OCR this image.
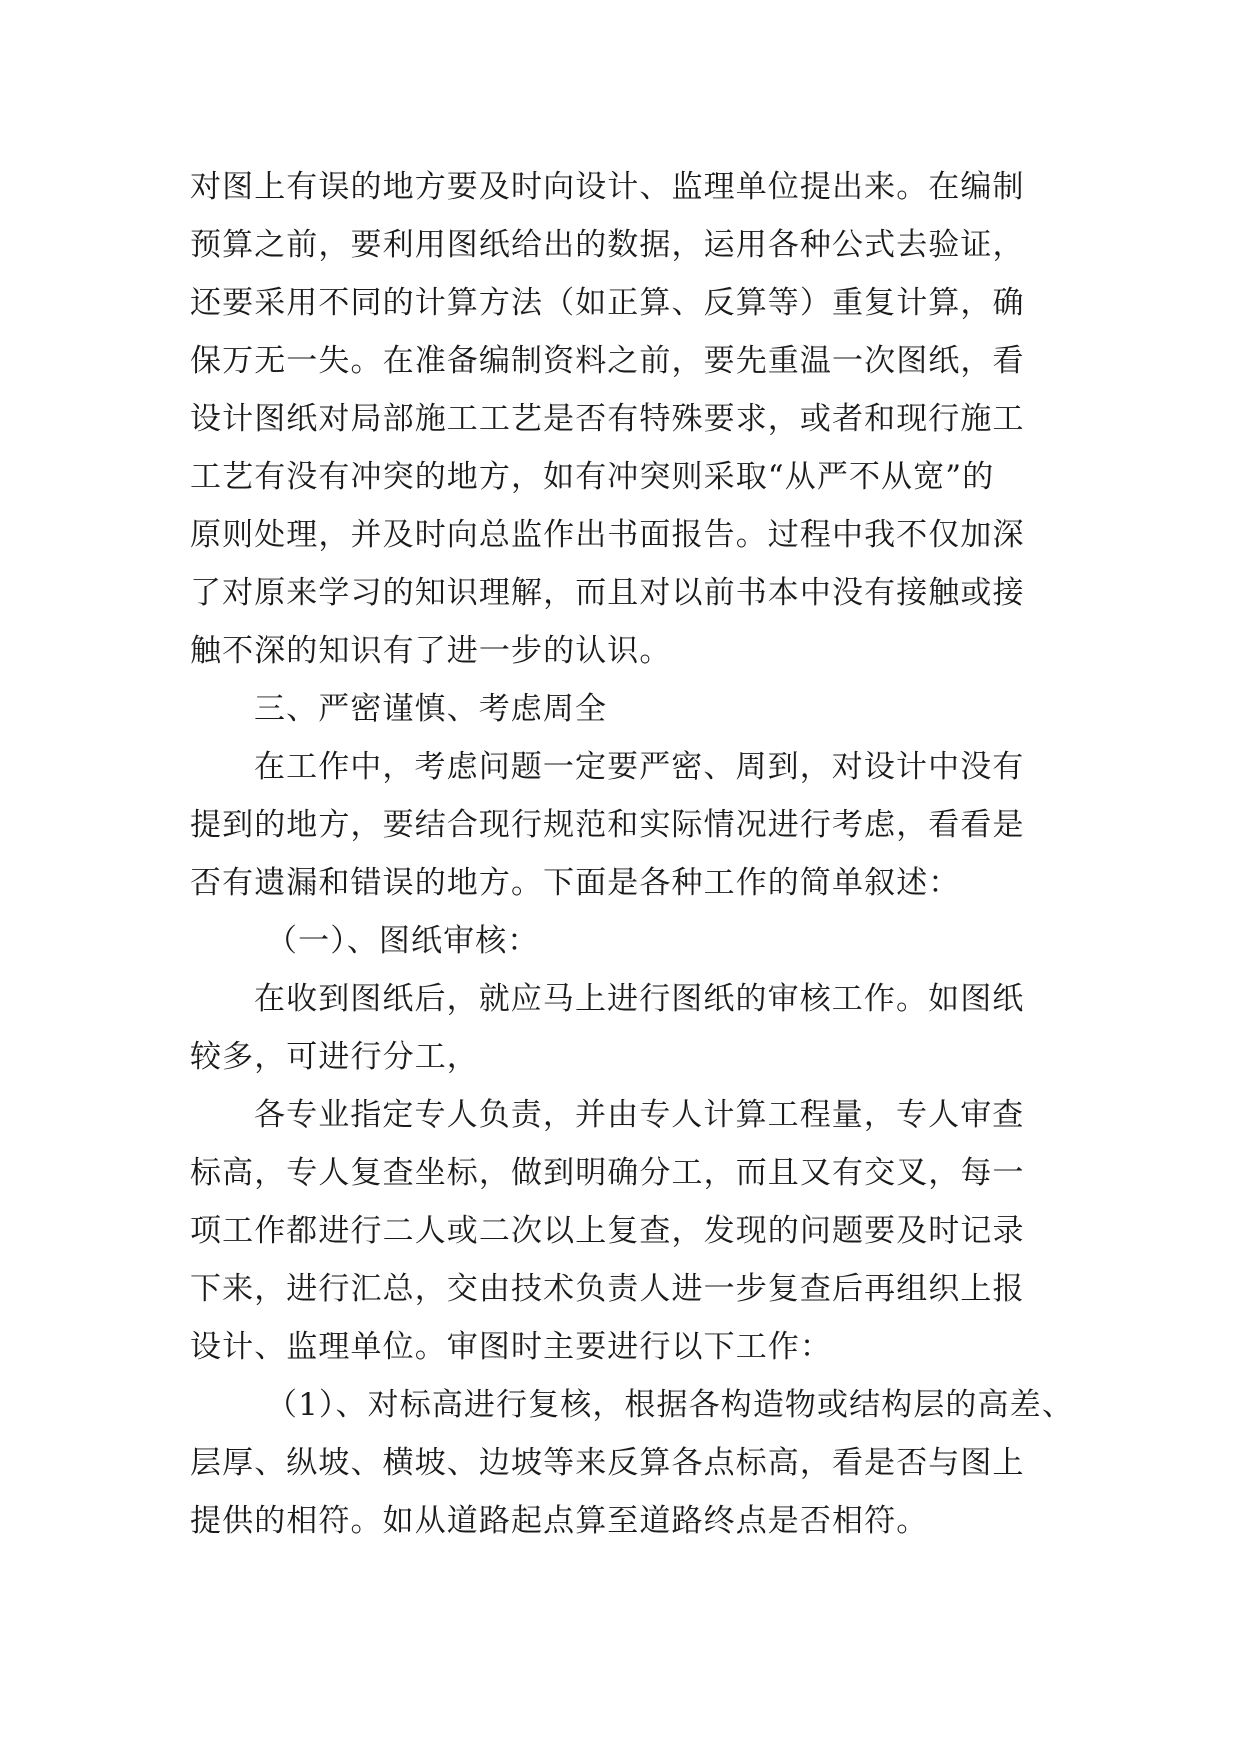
对图上有误的地方要及时向设计、监理单位提出来。在编制
预算之前，要利用图纸给出的数据，运用各种公式去验证，
还要采用不同的计算方法（如正算、反算等）重复计算，确
保万无一失。在准备编制资料之前，要先重温一次图纸，看
设计图纸对局部施工工艺是否有特殊要求，或者和现行施工
工艺有没有冲突的地方，如有冲突则采取“从严不从宽”的
原则处理，并及时向总监作出书面报告。过程中我不仅加深
了对原来学习的知识理解，而且对以前书本中没有接触或接
触不深的知识有了进一步的认识。
三、严密谨慎、考虑周全
在工作中，考虑问题一定要严密、周到，对设计中没有
提到的地方，要结合现行规范和实际情况进行考虑，看看是
否有遗漏和错误的地方。下面是各种工作的简单叙述：
（一）、图纸审核：
在收到图纸后，就应马上进行图纸的审核工作。如图纸
较多，可进行分工，
各专业指定专人负责，并由专人计算工程量，专人审查
标高，专人复查坐标，做到明确分工，而且又有交叉，每一
项工作都进行二人或二次以上复查，发现的问题要及时记录
下来，进行汇总，交由技术负责人进一步复查后再组织上报
设计、监理单位。审图时主要进行以下工作：
（1）、对标高进行复核，根据各构造物或结构层的高差、
层厚、纵坡、横坡、边坡等来反算各点标高，看是否与图上
提供的相符。如从道路起点算至道路终点是否相符。
